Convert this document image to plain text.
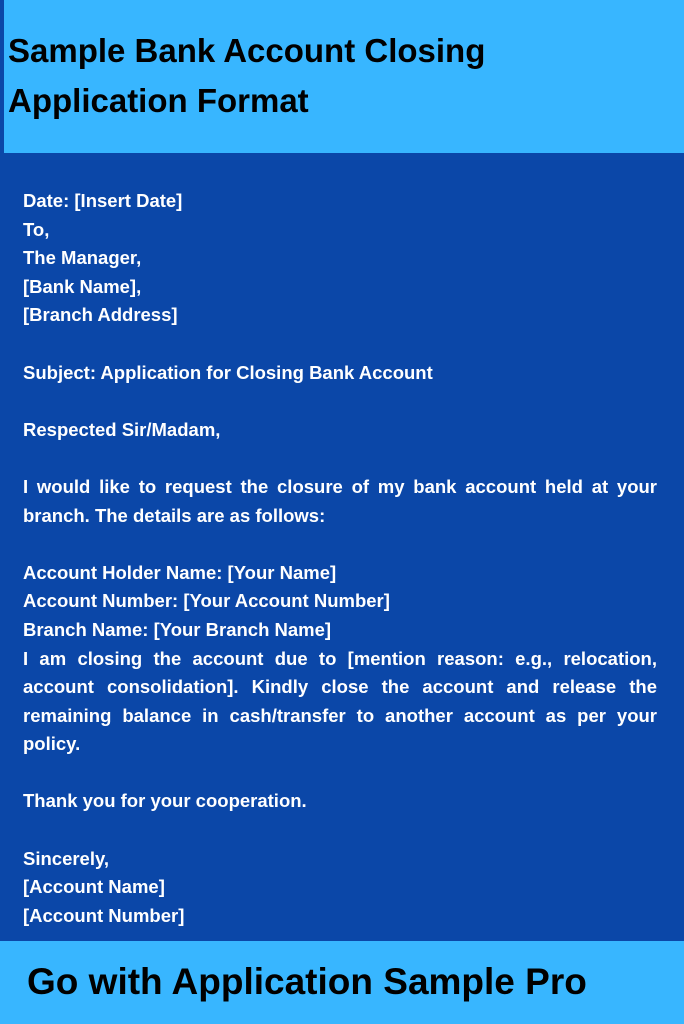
Sample Bank Account Closing Application Format
Date: [Insert Date]
To,
The Manager,
[Bank Name],
[Branch Address]
Subject: Application for Closing Bank Account
Respected Sir/Madam,
I would like to request the closure of my bank account held at your branch. The details are as follows:
Account Holder Name: [Your Name]
Account Number: [Your Account Number]
Branch Name: [Your Branch Name]
I am closing the account due to [mention reason: e.g., relocation, account consolidation]. Kindly close the account and release the remaining balance in cash/transfer to another account as per your policy.
Thank you for your cooperation.
Sincerely,
[Account Name]
[Account Number]

Go with Application Sample Pro
